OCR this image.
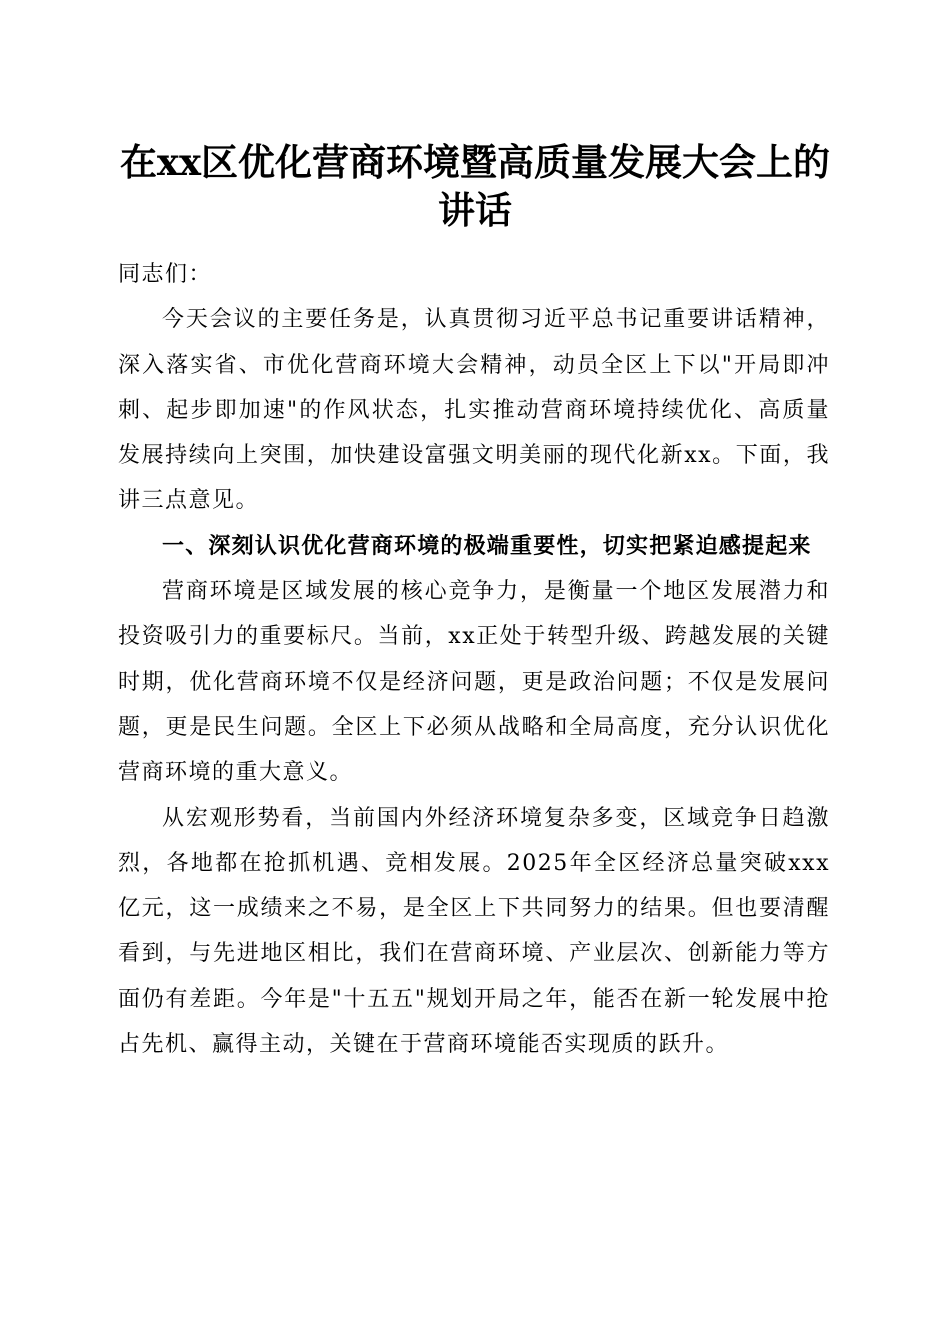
在xx区优化营商环境暨高质量发展大会上的
讲话

同志们：

今天会议的主要任务是，认真贯彻习近平总书记重要讲话精神，深入落实省、市优化营商环境大会精神，动员全区上下以"开局即冲刺、起步即加速"的作风状态，扎实推动营商环境持续优化、高质量发展持续向上突围，加快建设富强文明美丽的现代化新xx。下面，我讲三点意见。

一、深刻认识优化营商环境的极端重要性，切实把紧迫感提起来

营商环境是区域发展的核心竞争力，是衡量一个地区发展潜力和投资吸引力的重要标尺。当前，xx正处于转型升级、跨越发展的关键时期，优化营商环境不仅是经济问题，更是政治问题；不仅是发展问题，更是民生问题。全区上下必须从战略和全局高度，充分认识优化营商环境的重大意义。

从宏观形势看，当前国内外经济环境复杂多变，区域竞争日趋激烈，各地都在抢抓机遇、竞相发展。2025年全区经济总量突破xxx亿元，这一成绩来之不易，是全区上下共同努力的结果。但也要清醒看到，与先进地区相比，我们在营商环境、产业层次、创新能力等方面仍有差距。今年是"十五五"规划开局之年，能否在新一轮发展中抢占先机、赢得主动，关键在于营商环境能否实现质的跃升。
